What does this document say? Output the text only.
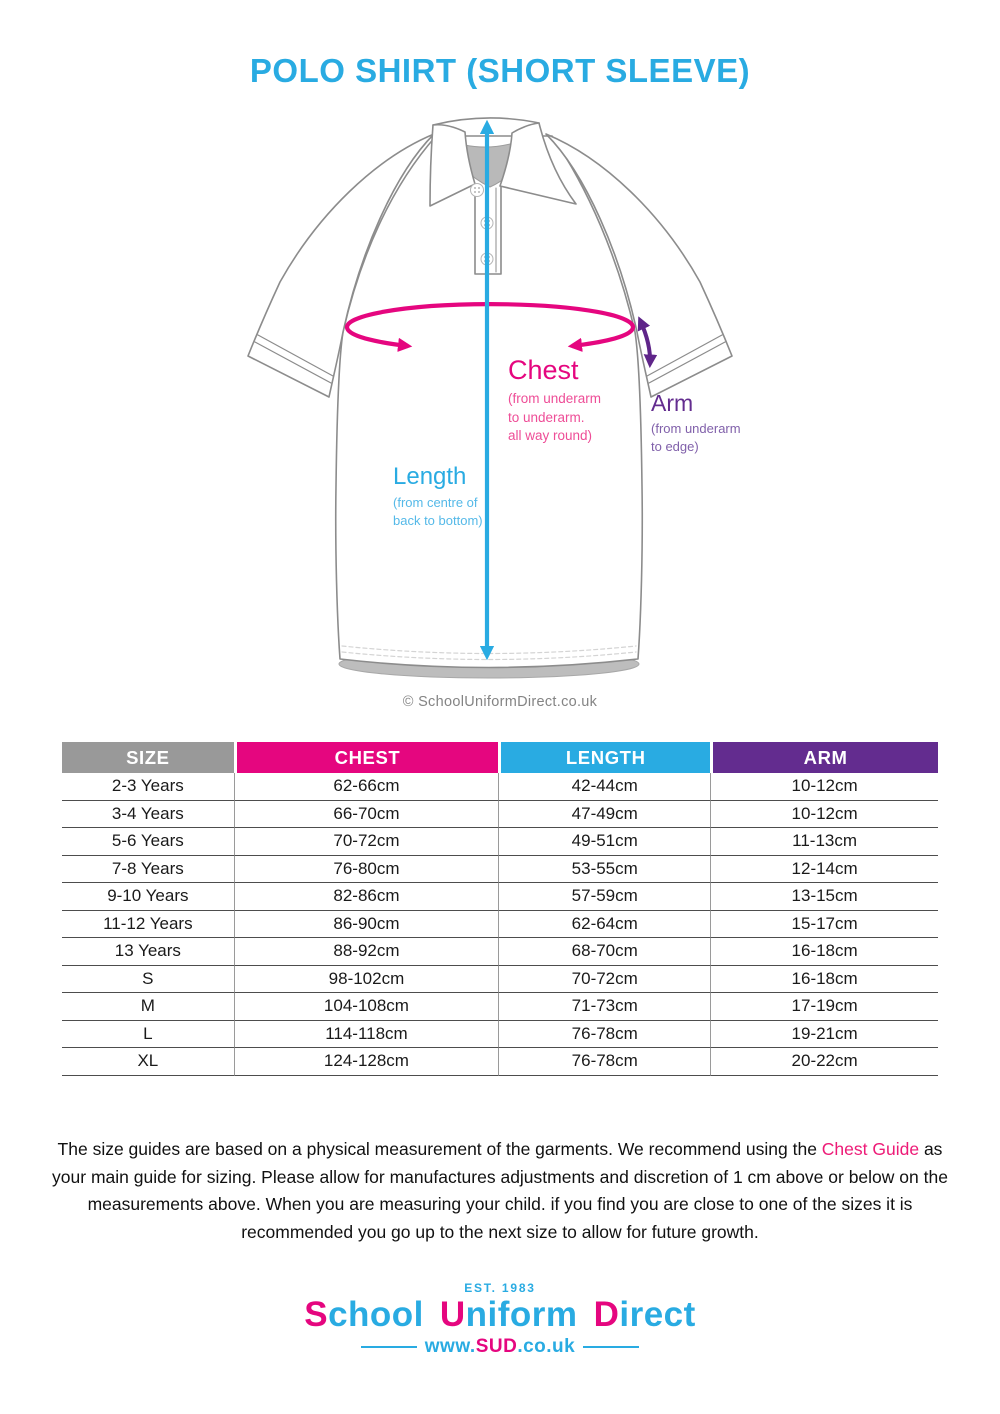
POLO SHIRT (SHORT SLEEVE)
Chest
(from underarm
to underarm.
all way round)
Arm
(from underarm
to edge)
Length
(from centre of
back to bottom)
© SchoolUniformDirect.co.uk
SIZE	CHEST	LENGTH	ARM
2-3 Years	62-66cm	42-44cm	10-12cm
3-4 Years	66-70cm	47-49cm	10-12cm
5-6 Years	70-72cm	49-51cm	11-13cm
7-8 Years	76-80cm	53-55cm	12-14cm
9-10 Years	82-86cm	57-59cm	13-15cm
11-12 Years	86-90cm	62-64cm	15-17cm
13 Years	88-92cm	68-70cm	16-18cm
S	98-102cm	70-72cm	16-18cm
M	104-108cm	71-73cm	17-19cm
L	114-118cm	76-78cm	19-21cm
XL	124-128cm	76-78cm	20-22cm
The size guides are based on a physical measurement of the garments. We recommend using the Chest Guide as your main guide for sizing. Please allow for manufactures adjustments and discretion of 1 cm above or below on the measurements above. When you are measuring your child. if you find you are close to one of the sizes it is recommended you go up to the next size to allow for future growth.
EST. 1983
School Uniform Direct
www. SUD .co.uk
